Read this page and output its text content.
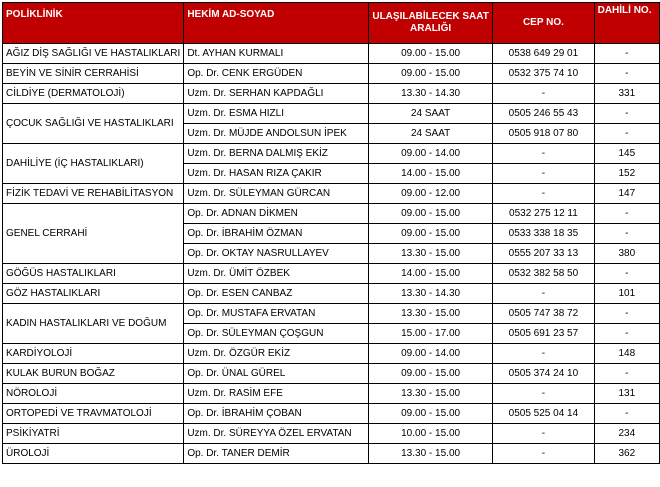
POLİKLİNİK	HEKİM AD-SOYAD	ULAŞILABİLECEK SAAT ARALIĞI	CEP NO.	DAHİLİ NO.
AĞIZ DİŞ SAĞLIĞI VE HASTALIKLARI	Dt. AYHAN KURMALI	09.00 - 15.00	0538 649 29 01	-
BEYİN VE SİNİR CERRAHİSİ	Op. Dr. CENK ERGÜDEN	09.00 - 15.00	0532 375 74 10	-
CİLDİYE (DERMATOLOJİ)	Uzm. Dr. SERHAN KAPDAĞLI	13.30 - 14.30	-	331
ÇOCUK SAĞLIĞI VE HASTALIKLARI	Uzm. Dr. ESMA HIZLI	24 SAAT	0505 246 55 43	-
	Uzm. Dr. MÜJDE ANDOLSUN İPEK	24 SAAT	0505 918 07 80	-
DAHİLİYE (İÇ HASTALIKLARI)	Uzm. Dr. BERNA DALMIŞ EKİZ	09.00 - 14.00	-	145
	Uzm. Dr. HASAN RIZA ÇAKIR	14.00 - 15.00	-	152
FİZİK TEDAVİ VE REHABİLİTASYON	Uzm. Dr. SÜLEYMAN GÜRCAN	09.00 - 12.00	-	147
GENEL CERRAHİ	Op. Dr. ADNAN DİKMEN	09.00 - 15.00	0532 275 12 11	-
	Op. Dr. İBRAHİM ÖZMAN	09.00 - 15.00	0533 338 18 35	-
	Op. Dr. OKTAY NASRULLAYEV	13.30 - 15.00	0555 207 33 13	380
GÖĞÜS HASTALIKLARI	Uzm. Dr. ÜMİT ÖZBEK	14.00 - 15.00	0532 382 58 50	-
GÖZ HASTALIKLARI	Op. Dr. ESEN CANBAZ	13.30 - 14.30	-	101
KADIN HASTALIKLARI VE DOĞUM	Op. Dr. MUSTAFA ERVATAN	13.30 - 15.00	0505 747 38 72	-
	Op. Dr. SÜLEYMAN ÇOŞGUN	15.00 - 17.00	0505 691 23 57	-
KARDİYOLOJİ	Uzm. Dr. ÖZGÜR EKİZ	09.00 - 14.00	-	148
KULAK BURUN BOĞAZ	Op. Dr. ÜNAL GÜREL	09.00 - 15.00	0505 374 24 10	-
NÖROLOJİ	Uzm. Dr. RASİM EFE	13.30 - 15.00	-	131
ORTOPEDİ VE TRAVMATOLOJİ	Op. Dr. İBRAHİM ÇOBAN	09.00 - 15.00	0505 525 04 14	-
PSİKİYATRİ	Uzm. Dr. SÜREYYA ÖZEL ERVATAN	10.00 - 15.00	-	234
ÜROLOJİ	Op. Dr. TANER DEMİR	13.30 - 15.00	-	362
